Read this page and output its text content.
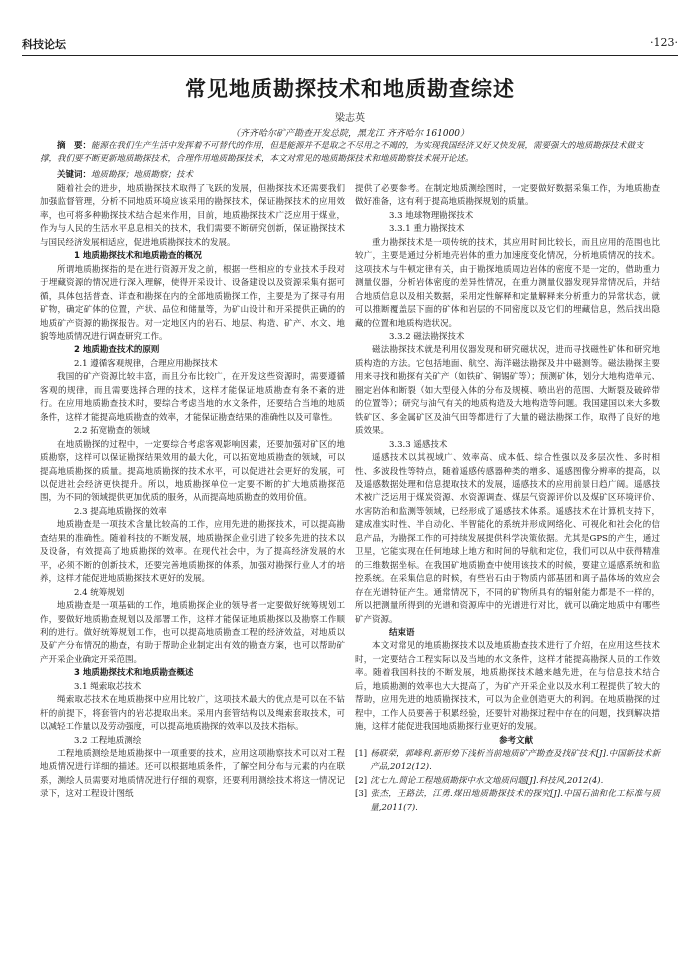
科技论坛	·123·
常见地质勘探技术和地质勘查综述
梁志英
（齐齐哈尔矿产勘查开发总院，黑龙江 齐齐哈尔 161000）
摘　要：能源在我们生产生活中发挥着不可替代的作用，但是能源并不是取之不尽用之不竭的，为实现我国经济又好又快发展，需要强大的地质勘探技术做支撑，我们要不断更新地质勘探技术，合理作用地质勘探技术，本文对常见的地质勘探技术和地质勘察技术展开论述。
关键词：地质勘探；地质勘察；技术

随着社会的进步，地质勘探技术取得了飞跃的发展，但勘探技术还需要我们加强监督管理，分析不同地质环境应该采用的勘探技术，保证勘探技术的应用效率，也可将多种勘探技术结合起来作用，目前，地质勘探技术广泛应用于煤业，作为与人民的生活水平息息相关的技术，我们需要不断研究创新，保证勘探技术与国民经济发展相适应，促进地质勘探技术的发展。

1 地质勘探技术和地质勘查的概况

所谓地质勘探指的是在进行资源开发之前，根据一些相应的专业技术手段对于埋藏资源的情况进行深入理解，使得开采设计、设备建设以及资源采集有据可循，具体包括普查、详查和勘探在内的全部地质勘探工作，主要是为了探寻有用矿物，确定矿体的位置，产状、品位和储量等，为矿山设计和开采提供正确的的地质矿产资源的勘探报告。对一定地区内的岩石、地层、构造、矿产、水文、地貌等地质情况进行调查研究工作。

2 地质勘查技术的原则

2.1 遵循客观规律，合理应用勘探技术

我国的矿产资源比较丰富，而且分布比较广，在开发这些资源时，需要遵循客观的规律，而且需要选择合理的技术，这样才能保证地质勘查有条不紊的进行。在应用地质勘查技术时，要综合考虑当地的水文条件，还要结合当地的地质条件，这样才能提高地质勘查的效率，才能保证勘查结果的准确性以及可靠性。

2.2 拓宽勘查的领域

在地质勘探的过程中，一定要综合考虑客观影响因素，还要加强对矿区的地质勘察，这样可以保证勘探结果效用的最大化，可以拓宽地质勘查的领域，可以提高地质勘探的质量。提高地质勘探的技术水平，可以促进社会更好的发展，可以促进社会经济更快提升。所以，地质勘探单位一定要不断的扩大地质勘探范围，为不同的领域提供更加优质的服务，从而提高地质勘查的效用价值。

2.3 提高地质勘探的效率

地质勘查是一项技术含量比较高的工作，应用先进的勘探技术，可以提高勘查结果的准确性。随着科技的不断发展，地质勘探企业引进了较多先进的技术以及设备，有效提高了地质勘探的效率。在现代社会中，为了提高经济发展的水平，必须不断的创新技术，还要完善地质勘探的体系，加强对勘探行业人才的培养，这样才能促进地质勘探技术更好的发展。

2.4 统筹规划

地质勘查是一项基础的工作，地质勘探企业的领导者一定要做好统筹规划工作，要做好地质勘查规划以及部署工作，这样才能保证地质勘探以及勘察工作顺利的进行。做好统筹规划工作，也可以提高地质勘查工程的经济效益，对地质以及矿产分布情况的勘查，有助于帮助企业制定出有效的勘查方案，也可以帮助矿产开采企业确定开采范围。

3 地质勘探技术和地质勘查概述

3.1 绳索取芯技术

绳索取芯技术在地质勘探中应用比较广，这项技术最大的优点是可以在不钻杆的前提下，将套管内的岩芯提取出来。采用内套管结构以及绳索套取技术，可以减轻工作量以及劳动强度，可以提高地质勘探的效率以及技术指标。

3.2 工程地质测绘

工程地质测绘是地质勘探中一项重要的技术，应用这项勘察技术可以对工程地质情况进行详细的描述。还可以根据地质条件，了解空间分布与元素的内在联系，测绘人员需要对地质情况进行仔细的观察，还要利用测绘技术将这一情况记录下，这对工程设计图纸

提供了必要参考。在制定地质测绘图时，一定要做好数据采集工作，为地质勘查做好准备，这有利于提高地质勘探规划的质量。

3.3 地球物理勘探技术

3.3.1 重力勘探技术

重力勘探技术是一项传统的技术，其应用时间比较长，而且应用的范围也比较广，主要是通过分析地壳岩体的重力加速度变化情况，分析地质情况的技术。这项技术与牛顿定律有关，由于勘探地质周边岩体的密度不是一定的，借助重力测量仪器，分析岩体密度的差异性情况，在重力测量仪器发现异常情况后，并结合地质信息以及相关数据，采用定性解释和定量解释来分析重力的异常状态，就可以推断覆盖层下面的矿体和岩层的不同密度以及它们的埋藏信息，然后找出隐藏的位置和地质构造状况。

3.3.2 磁法勘探技术

磁法勘探技术就是利用仪器发现和研究磁状况，进而寻找磁性矿体和研究地质构造的方法。它包括地面、航空、海洋磁法勘探及井中磁测等。磁法勘探主要用来寻找和勘探有关矿产（如铁矿、铜锡矿等）；预测矿体，划分大地构造单元、圈定岩体和断裂（如大型侵入体的分布及规模、喷出岩的范围、大断裂及破碎带的位置等）；研究与油气有关的地质构造及大地构造等问题。我国建国以来大多数铁矿区、多金属矿区及油气田等都进行了大量的磁法勘探工作，取得了良好的地质效果。

3.3.3 遥感技术

遥感技术以其视域广、效率高、成本低、综合性强以及多层次性、多时相性、多波段性等特点，随着遥感传感器种类的增多、遥感图像分辨率的提高，以及遥感数据处理和信息提取技术的发展，遥感技术的应用前景日趋广阔。遥感技术被广泛运用于煤炭资源、水资源调查、煤层气资源评价以及煤矿区环境评价、水害防治和监测等领域，已经形成了遥感技术体系。遥感技术在计算机支持下，建成准实时性、半自动化、半智能化的系统并形成网络化、可视化和社会化的信息产品，为勘探工作的可持续发展提供科学决策依据。尤其是GPS的产生，通过卫星，它能实现在任何地球上地方和时间的导航和定位，我们可以从中获得精准的三维数据坐标。在我国矿地质勘查中使用该技术的时候，要建立遥感系统和监控系统。在采集信息的时候，有些岩石由于物质内部基团和离子晶体场的效应会存在光谱特征产生。通常情况下，不同的矿物所具有的辐射能力都是不一样的，所以把测量所得到的光谱和资源库中的光谱进行对比，就可以确定地质中有哪些矿产资源。

结束语

本文对常见的地质勘探技术以及地质勘查技术进行了介绍，在应用这些技术时，一定要结合工程实际以及当地的水文条件，这样才能提高勘探人员的工作效率。随着我国科技的不断发展，地质勘探技术越来越先进，在与信息技术结合后，地质勘测的效率也大大提高了，为矿产开采企业以及水利工程提供了较大的帮助，应用先进的地质勘探技术，可以为企业创造更大的利润。在地质勘探的过程中，工作人员要善于积累经验，还要针对勘探过程中存在的问题，找到解决措施，这样才能促进我国地质勘探行业更好的发展。

参考文献

[1] 杨联荣，郭峰利.新形势下浅析当前地质矿产勘查及找矿技术[J].中国新技术新产品,2012(12).

[2] 沈七九.简论工程地质勘探中水文地质问题[J].科技风,2012(4).

[3] 张杰，王路法，江勇.煤田地质勘探技术的探究[J].中国石油和化工标准与质量,2011(7).
